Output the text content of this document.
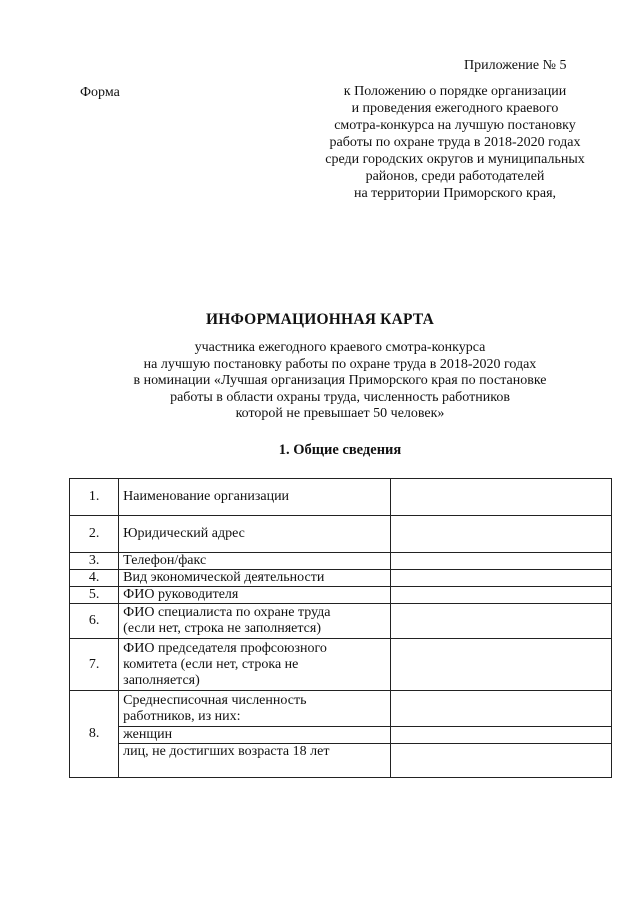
Приложение № 5
Форма	к Положению о порядке организации
и проведения ежегодного краевого
смотра-конкурса на лучшую постановку
работы по охране труда в 2018-2020 годах
среди городских округов и муниципальных
районов, среди работодателей
на территории Приморского края,
ИНФОРМАЦИОННАЯ КАРТА
участника ежегодного краевого смотра-конкурса
на лучшую постановку работы по охране труда в 2018-2020 годах
в номинации «Лучшая организация Приморского края по постановке
работы в области охраны труда, численность работников
которой не превышает 50 человек»
1. Общие сведения
1.	Наименование организации	

2.	Юридический адрес	

3.	Телефон/факс	

4.	Вид экономической деятельности	

5.	ФИО руководителя	

6.	ФИО специалиста по охране труда
(если нет, строка не заполняется)	

7.	ФИО председателя профсоюзного
комитета (если нет, строка не
заполняется)	

8.	Среднесписочная численность
работников, из них:	

	женщин	

	лиц, не достигших возраста 18 лет	
